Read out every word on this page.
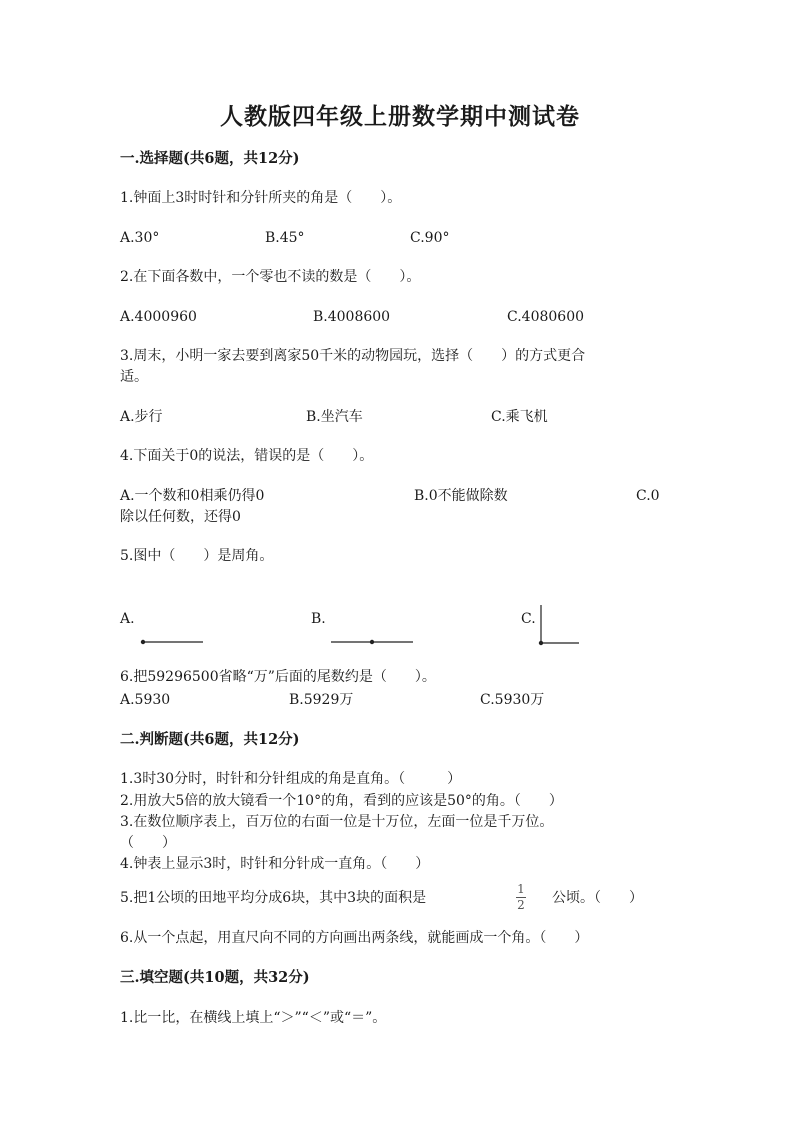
人教版四年级上册数学期中测试卷
一.选择题(共6题，共12分)
1.钟面上3时时针和分针所夹的角是（　　）。
A.30°	B.45°	C.90°
2.在下面各数中，一个零也不读的数是（　　）。
A.4000960	B.4008600	C.4080600
3.周末，小明一家去要到离家50千米的动物园玩，选择（　　）的方式更合
适。
A.步行	B.坐汽车	C.乘飞机
4.下面关于0的说法，错误的是（　　）。
A.一个数和0相乘仍得0	B.0不能做除数	C.0
除以任何数，还得0
5.图中（　　）是周角。
A.	B.	C.
6.把59296500省略“万”后面的尾数约是（　　）。
A.5930	B.5929万	C.5930万
二.判断题(共6题，共12分)
1.3时30分时，时针和分针组成的角是直角。（　　　）
2.用放大5倍的放大镜看一个10°的角，看到的应该是50°的角。（　　）
3.在数位顺序表上，百万位的右面一位是十万位，左面一位是千万位。
（　　）
4.钟表上显示3时，时针和分针成一直角。（　　）
5.把1公顷的田地平均分成6块，其中3块的面积是
1
2	公顷。（　　）
6.从一个点起，用直尺向不同的方向画出两条线，就能画成一个角。（　　）
三.填空题(共10题，共32分)
1.比一比，在横线上填上“＞”“＜”或“＝”。
